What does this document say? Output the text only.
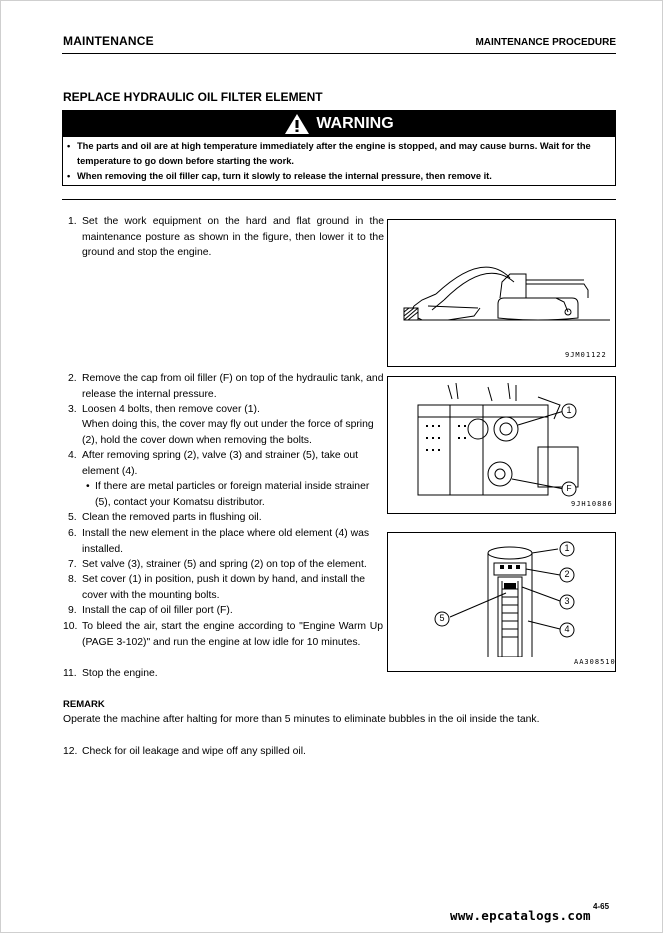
MAINTENANCE	MAINTENANCE PROCEDURE
REPLACE HYDRAULIC OIL FILTER ELEMENT
WARNING
• The parts and oil are at high temperature immediately after the engine is stopped, and may cause burns. Wait for the temperature to go down before starting the work.
• When removing the oil filler cap, turn it slowly to release the internal pressure, then remove it.
1. Set the work equipment on the hard and flat ground in the maintenance posture as shown in the figure, then lower it to the ground and stop the engine.
9JM01122
2. Remove the cap from oil filler (F) on top of the hydraulic tank, and release the internal pressure.
3. Loosen 4 bolts, then remove cover (1).
When doing this, the cover may fly out under the force of spring (2), hold the cover down when removing the bolts.
1
F
9JH10886
4. After removing spring (2), valve (3) and strainer (5), take out element (4).
• If there are metal particles or foreign material inside strainer (5), contact your Komatsu distributor.
5. Clean the removed parts in flushing oil.
6. Install the new element in the place where old element (4) was installed.
7. Set valve (3), strainer (5) and spring (2) on top of the element.
8. Set cover (1) in position, push it down by hand, and install the cover with the mounting bolts.
9. Install the cap of oil filler port (F).
10. To bleed the air, start the engine according to "Engine Warm Up (PAGE 3-102)" and run the engine at low idle for 10 minutes.
1
2
3
4
5
AA308510
11. Stop the engine.
REMARK
Operate the machine after halting for more than 5 minutes to eliminate bubbles in the oil inside the tank.
12. Check for oil leakage and wipe off any spilled oil.
4-65
www.epcatalogs.com
